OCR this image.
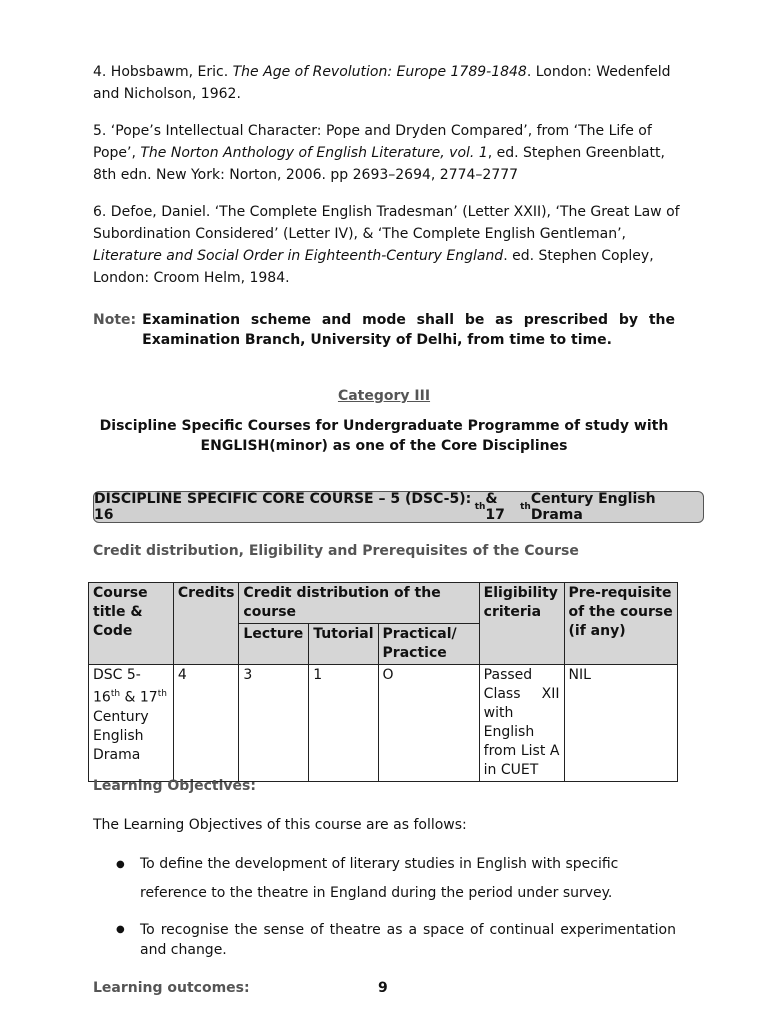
4. Hobsbawm, Eric. The Age of Revolution: Europe 1789-1848. London: Wedenfeld and Nicholson, 1962.
5. ‘Pope’s Intellectual Character: Pope and Dryden Compared’, from ‘The Life of Pope’, The Norton Anthology of English Literature, vol. 1, ed. Stephen Greenblatt, 8th edn. New York: Norton, 2006. pp 2693–2694, 2774–2777
6. Defoe, Daniel. ‘The Complete English Tradesman’ (Letter XXII), ‘The Great Law of Subordination Considered’ (Letter IV), & ‘The Complete English Gentleman’, Literature and Social Order in Eighteenth-Century England. ed. Stephen Copley, London: Croom Helm, 1984.
Note: Examination scheme and mode shall be as prescribed by the Examination Branch, University of Delhi, from time to time.
Category III
Discipline Specific Courses for Undergraduate Programme of study with
ENGLISH(minor) as one of the Core Disciplines
DISCIPLINE SPECIFIC CORE COURSE – 5 (DSC-5): 16	th & 17	th Century English Drama
Credit distribution, Eligibility and Prerequisites of the Course
Course title & Code	Credits	Credit distribution of the course			Eligibility criteria	Pre-requisite of the course (if any)
		Lecture	Tutorial	Practical/ Practice		
DSC 5- 16th & 17th Century English Drama	4	3	1	O	Passed Class XII with English from List A in CUET	NIL
Learning Objectives:
The Learning Objectives of this course are as follows:
● To define the development of literary studies in English with specific reference to the theatre in England during the period under survey.
● To recognise the sense of theatre as a space of continual experimentation and change.
Learning outcomes:	9
